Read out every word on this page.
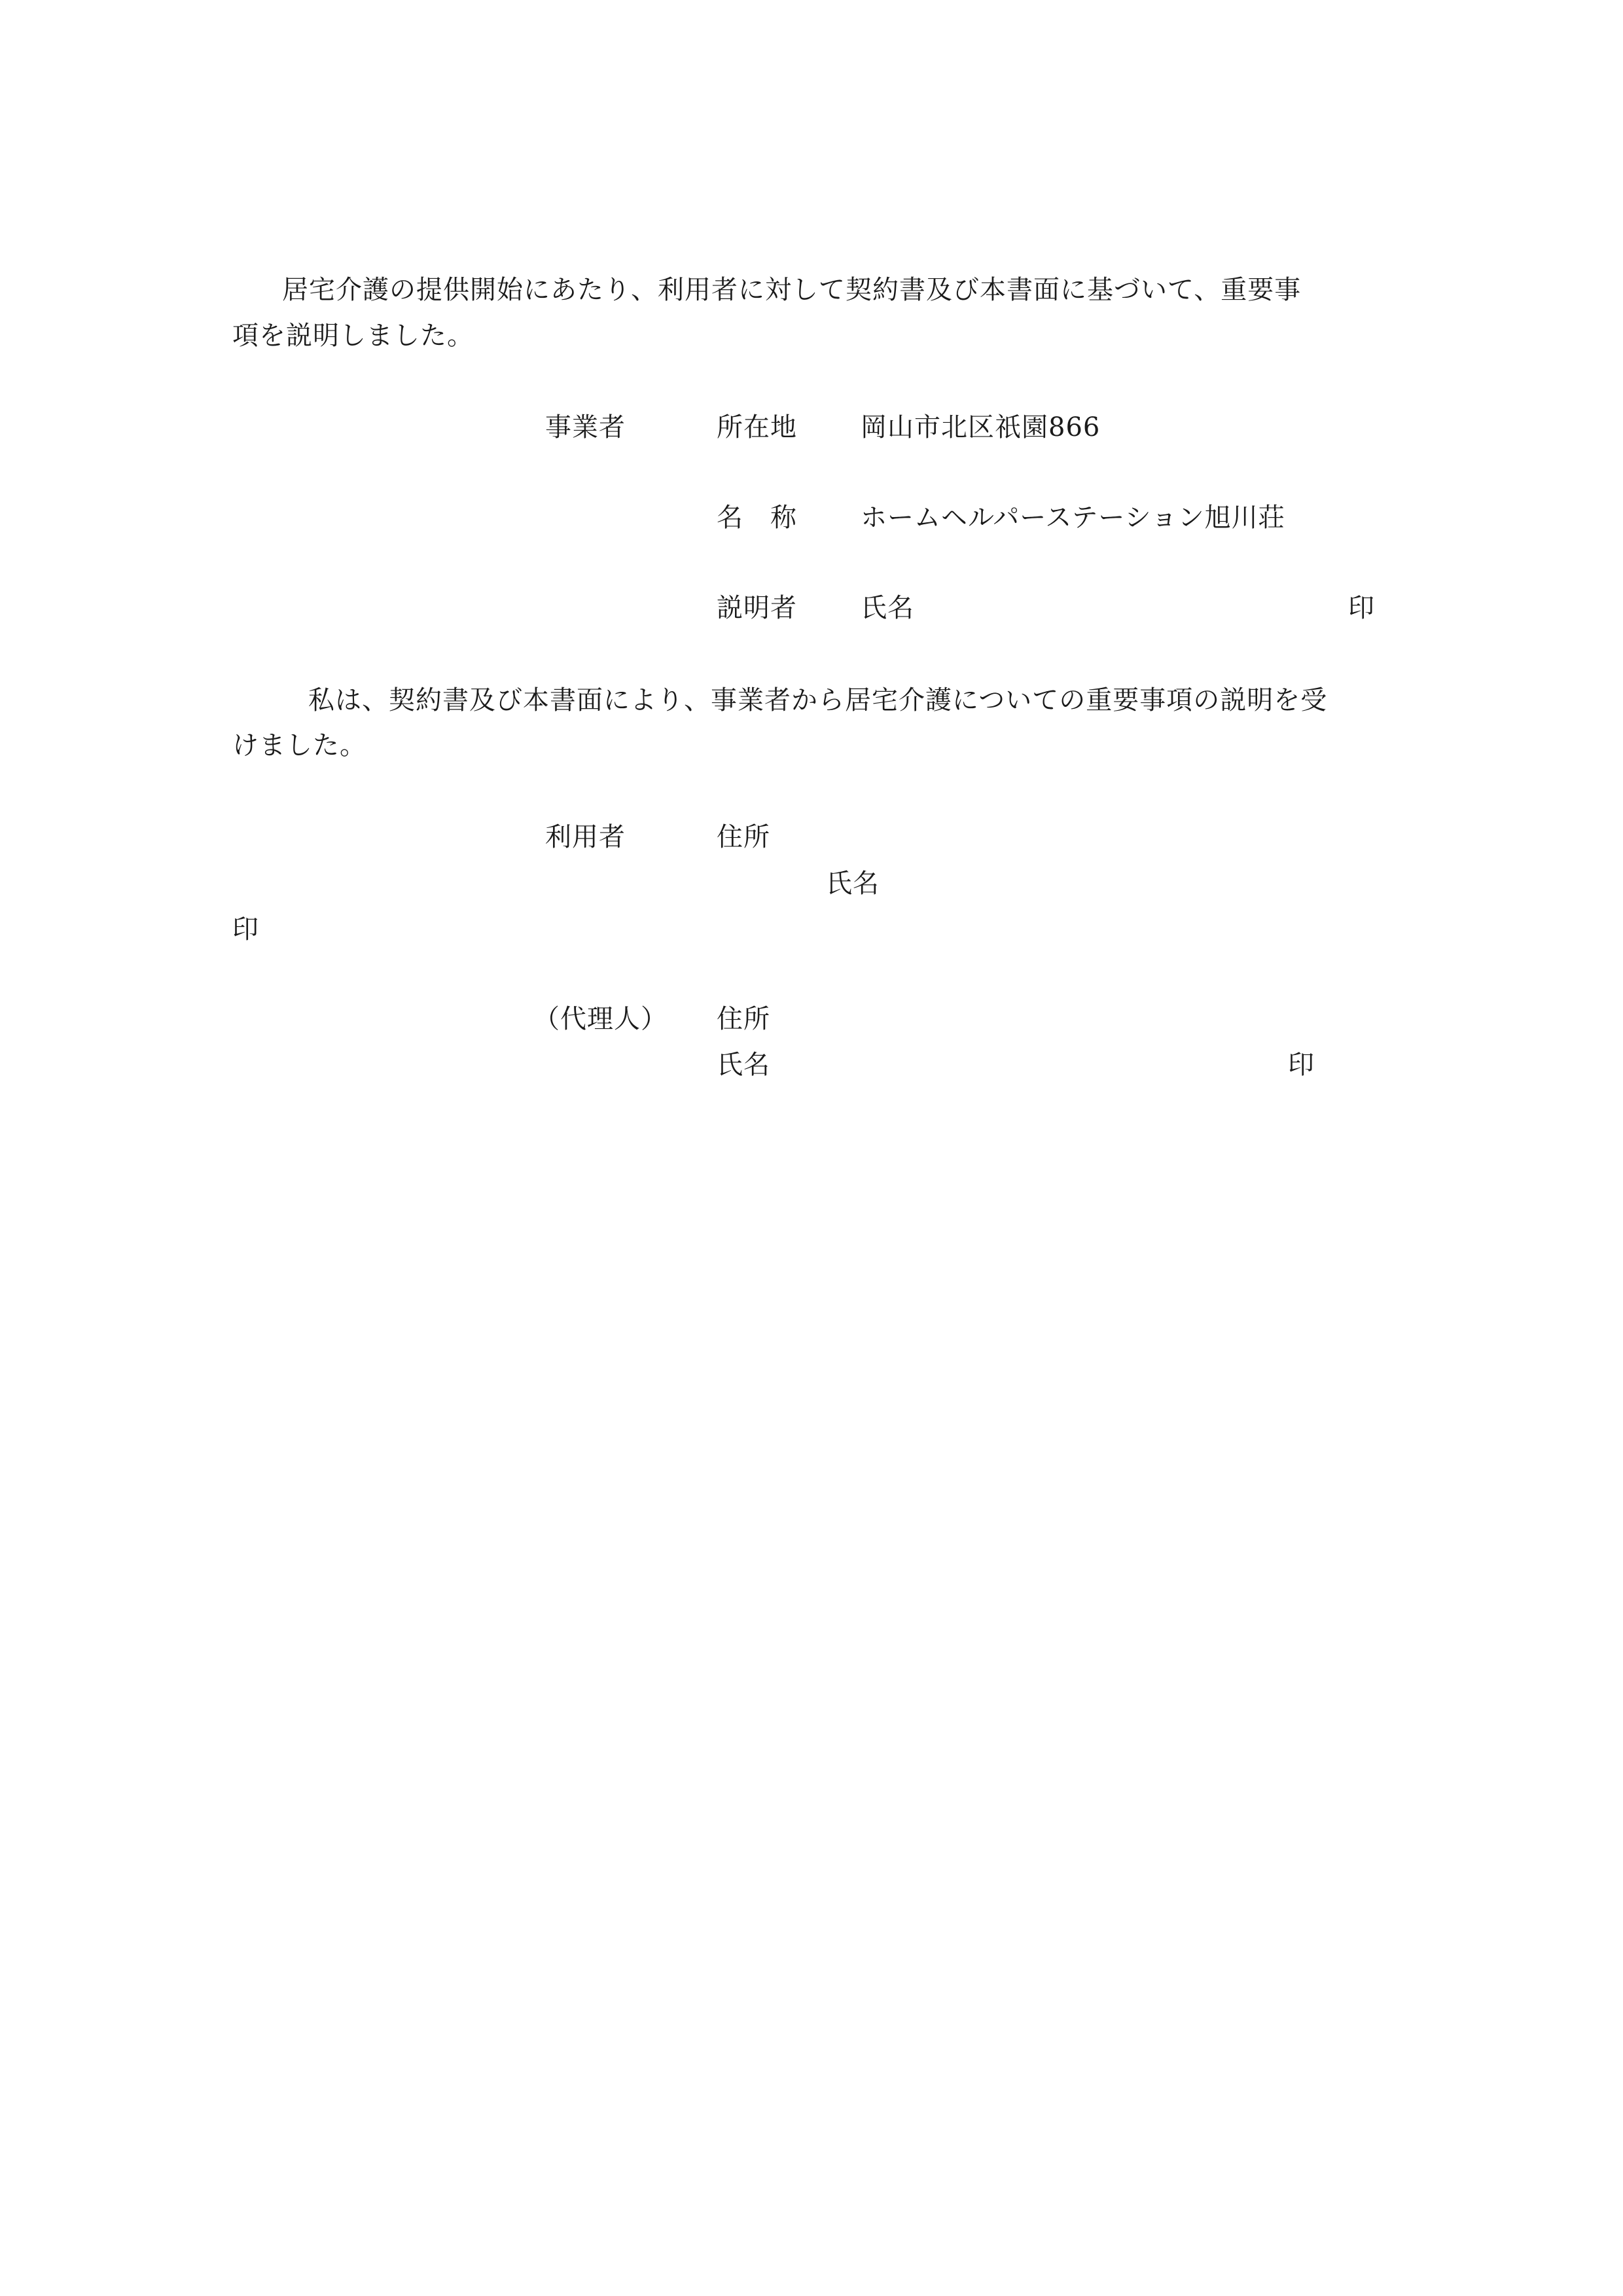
　居宅介護の提供開始にあたり、利用者に対して契約書及び本書面に基づいて、重要事
項を説明しました。
事業者	所在地 岡山市北区祇園866
名　称 ホームヘルパーステーション旭川荘
説明者 氏名	印
　私は、契約書及び本書面により、事業者から居宅介護についての重要事項の説明を受
けました。
利用者	住所
氏名
印
（代理人） 住所
氏名	印
